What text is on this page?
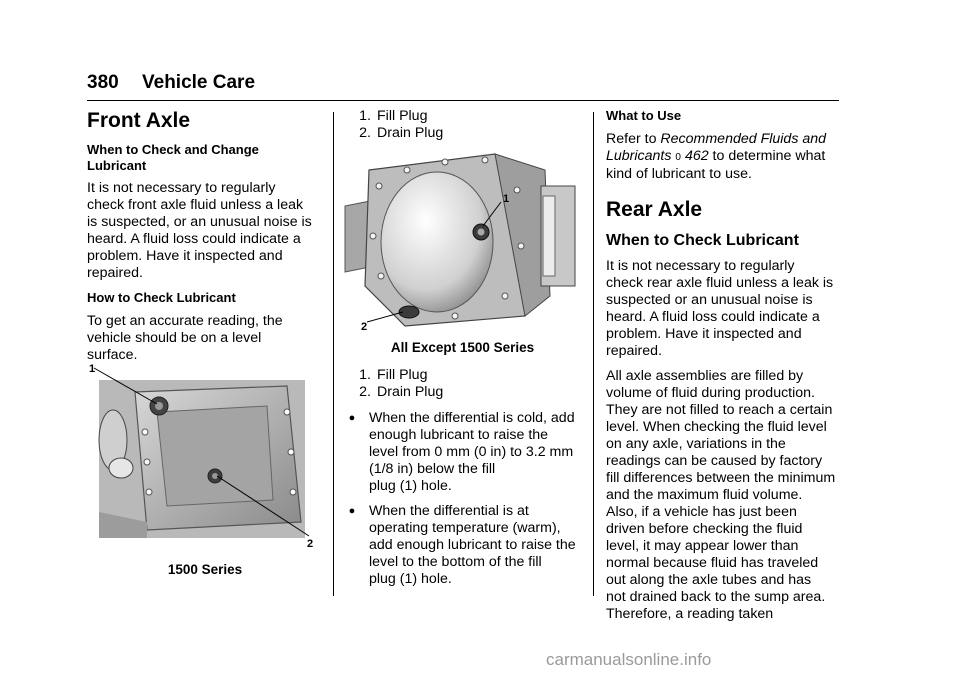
380 Vehicle Care
Front Axle
When to Check and Change
Lubricant

It is not necessary to regularly
check front axle fluid unless a leak
is suspected, or an unusual noise is
heard. A fluid loss could indicate a
problem. Have it inspected and
repaired.

How to Check Lubricant

To get an accurate reading, the
vehicle should be on a level
surface.

1
2
1500 Series
1. Fill Plug
2. Drain Plug
1
2
All Except 1500 Series
1. Fill Plug
2. Drain Plug
● When the differential is cold, add
enough lubricant to raise the
level from 0 mm (0 in) to 3.2 mm
(1/8 in) below the fill
plug (1) hole.
● When the differential is at
operating temperature (warm),
add enough lubricant to raise the
level to the bottom of the fill
plug (1) hole.
What to Use

Refer to Recommended Fluids and
Lubricants 0 462 to determine what
kind of lubricant to use.

Rear Axle
When to Check Lubricant

It is not necessary to regularly
check rear axle fluid unless a leak is
suspected or an unusual noise is
heard. A fluid loss could indicate a
problem. Have it inspected and
repaired.

All axle assemblies are filled by
volume of fluid during production.
They are not filled to reach a certain
level. When checking the fluid level
on any axle, variations in the
readings can be caused by factory
fill differences between the minimum
and the maximum fluid volume.
Also, if a vehicle has just been
driven before checking the fluid
level, it may appear lower than
normal because fluid has traveled
out along the axle tubes and has
not drained back to the sump area.
Therefore, a reading taken

carmanualsonline.info
